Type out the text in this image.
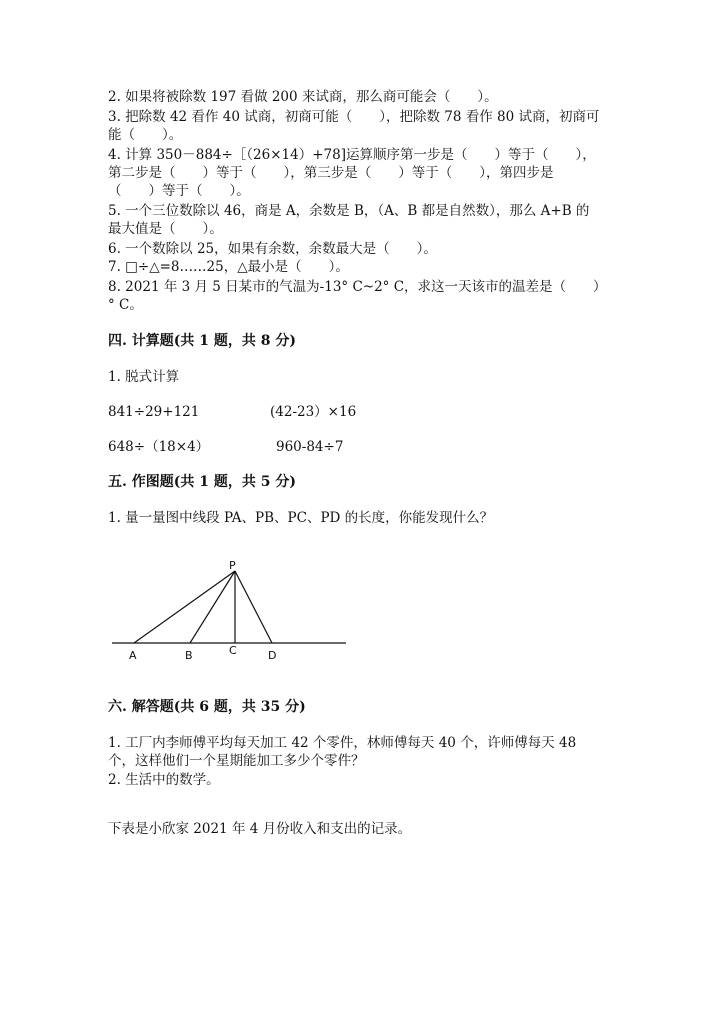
2. 如果将被除数 197 看做 200 来试商，那么商可能会（　　）。
3. 把除数 42 看作 40 试商，初商可能（　　），把除数 78 看作 80 试商，初商可
能（　　）。
4. 计算 350－884÷［（26×14）+78]运算顺序第一步是（　　）等于（　　），
第二步是（　　）等于（　　），第三步是（　　）等于（　　），第四步是
（　　）等于（　　）。
5. 一个三位数除以 46，商是 A，余数是 B，（A、B 都是自然数），那么 A+B 的
最大值是（　　）。
6. 一个数除以 25，如果有余数，余数最大是（　　）。
7. □÷△=8……25，△最小是（　　）。
8. 2021 年 3 月 5 日某市的气温为-13° C~2° C，求这一天该市的温差是（　　）
° C。
四. 计算题(共 1 题，共 8 分)
1. 脱式计算
841÷29+121	(42-23）×16
648÷（18×4）	960-84÷7
五. 作图题(共 1 题，共 5 分)
1. 量一量图中线段 PA、PB、PC、PD 的长度，你能发现什么？
P
A	B	C	D
六. 解答题(共 6 题，共 35 分)
1. 工厂内李师傅平均每天加工 42 个零件，林师傅每天 40 个，许师傅每天 48
个，这样他们一个星期能加工多少个零件？
2. 生活中的数学。
下表是小欣家 2021 年 4 月份收入和支出的记录。
